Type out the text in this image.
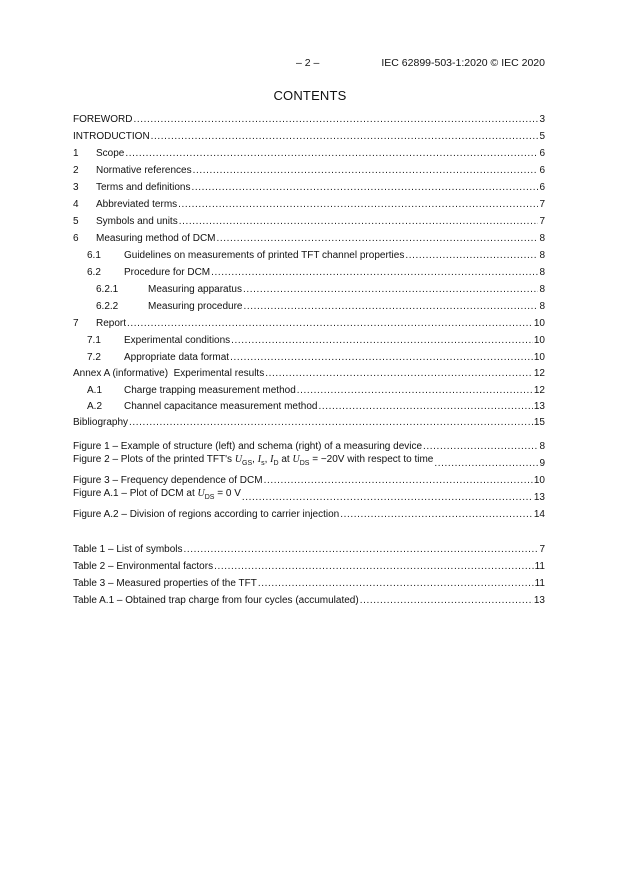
– 2 –	IEC 62899-503-1:2020 © IEC 2020
CONTENTS
FOREWORD .....	3
INTRODUCTION .....	5
1	Scope .....	6
2	Normative references .....	6
3	Terms and definitions .....	6
4	Abbreviated terms .....	7
5	Symbols and units .....	7
6	Measuring method of DCM .....	8
6.1	Guidelines on measurements of printed TFT channel properties .....	8
6.2	Procedure for DCM .....	8
6.2.1	Measuring apparatus .....	8
6.2.2	Measuring procedure .....	8
7	Report .....	10
7.1	Experimental conditions .....	10
7.2	Appropriate data format .....	10
Annex A (informative)  Experimental results .....	12
A.1	Charge trapping measurement method .....	12
A.2	Channel capacitance measurement method .....	13
Bibliography .....	15
Figure 1 – Example of structure (left) and schema (right) of a measuring device .....	8
Figure 2 – Plots of the printed TFT's $U_{GS}$, $I_s$, $I_D$ at $U_{DS} = -20V$ with respect to time .....	9
Figure 3 – Frequency dependence of DCM .....	10
Figure A.1 – Plot of DCM at $U_{DS} = 0$ V .....	13
Figure A.2 – Division of regions according to carrier injection .....	14
Table 1 – List of symbols .....	7
Table 2 – Environmental factors .....	11
Table 3 – Measured properties of the TFT .....	11
Table A.1 – Obtained trap charge from four cycles (accumulated) .....	13
